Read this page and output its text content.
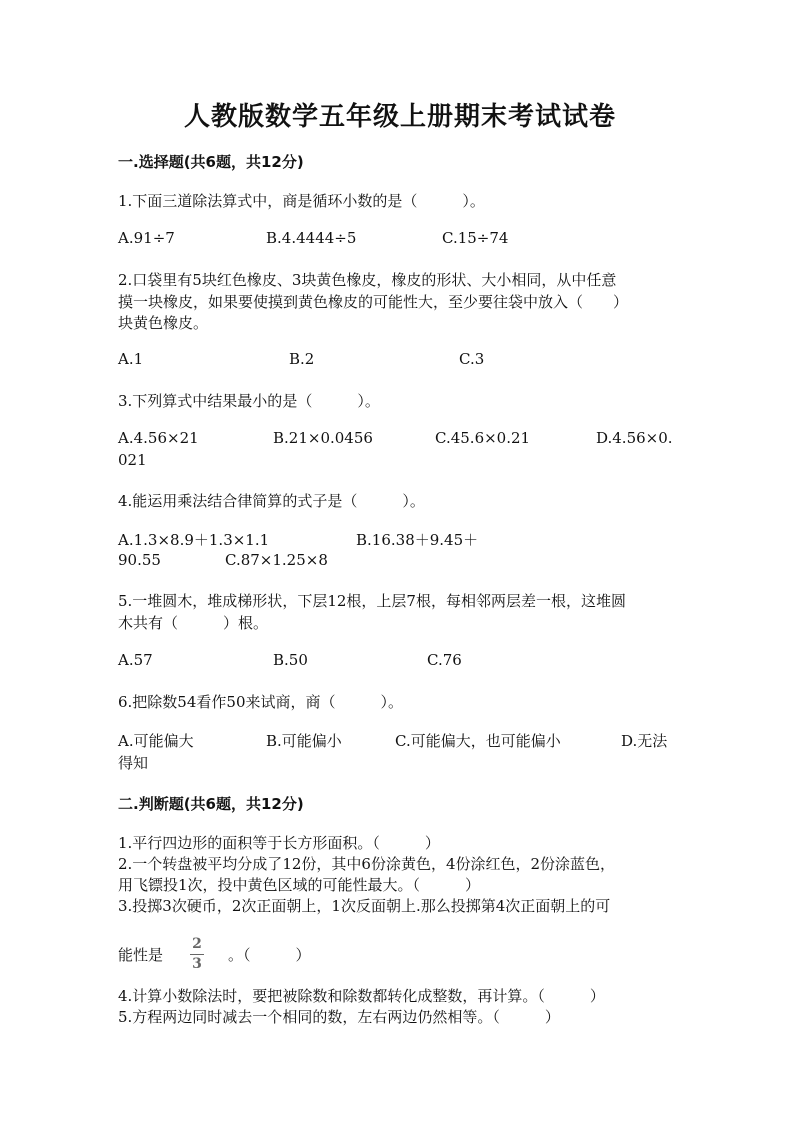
人教版数学五年级上册期末考试试卷
一.选择题(共6题，共12分)
1.下面三道除法算式中，商是循环小数的是（　　　）。
A.91÷7	B.4.4444÷5	C.15÷74
2.口袋里有5块红色橡皮、3块黄色橡皮，橡皮的形状、大小相同，从中任意
摸一块橡皮，如果要使摸到黄色橡皮的可能性大，至少要往袋中放入（　　）
块黄色橡皮。
A.1	B.2	C.3
3.下列算式中结果最小的是（　　　）。
A.4.56×21	B.21×0.0456	C.45.6×0.21	D.4.56×0.
021
4.能运用乘法结合律简算的式子是（　　　）。
A.1.3×8.9＋1.3×1.1	B.16.38＋9.45＋
90.55	C.87×1.25×8
5.一堆圆木，堆成梯形状，下层12根，上层7根，每相邻两层差一根，这堆圆
木共有（　　　）根。
A.57	B.50	C.76
6.把除数54看作50来试商，商（　　　）。
A.可能偏大	B.可能偏小	C.可能偏大，也可能偏小	D.无法
得知
二.判断题(共6题，共12分)
1.平行四边形的面积等于长方形面积。（　　　）
2.一个转盘被平均分成了12份，其中6份涂黄色，4份涂红色，2份涂蓝色，
用飞镖投1次，投中黄色区域的可能性最大。（　　　）
3.投掷3次硬币，2次正面朝上，1次反面朝上.那么投掷第4次正面朝上的可
能性是
2
3 。（　　　）
4.计算小数除法时，要把被除数和除数都转化成整数，再计算。（　　　）
5.方程两边同时减去一个相同的数，左右两边仍然相等。（　　　）
